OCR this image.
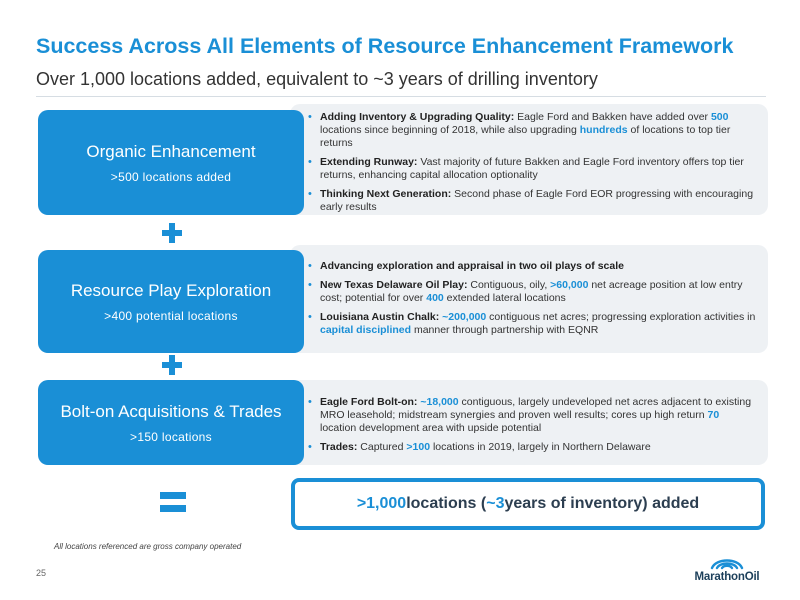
Success Across All Elements of Resource Enhancement Framework
Over 1,000 locations added, equivalent to ~3 years of drilling inventory
• Adding Inventory & Upgrading Quality: Eagle Ford and Bakken have added over 500 locations since beginning of 2018, while also upgrading hundreds of locations to top tier returns
• Extending Runway: Vast majority of future Bakken and Eagle Ford inventory offers top tier returns, enhancing capital allocation optionality
• Thinking Next Generation: Second phase of Eagle Ford EOR progressing with encouraging early results
Organic Enhancement
>500 locations added
• Advancing exploration and appraisal in two oil plays of scale
• New Texas Delaware Oil Play: Contiguous, oily, >60,000 net acreage position at low entry cost; potential for over 400 extended lateral locations
• Louisiana Austin Chalk: ~200,000 contiguous net acres; progressing exploration activities in capital disciplined manner through partnership with EQNR
Resource Play Exploration
>400 potential locations
• Eagle Ford Bolt-on: ~18,000 contiguous, largely undeveloped net acres adjacent to existing MRO leasehold; midstream synergies and proven well results; cores up high return 70 location development area with upside potential
• Trades: Captured >100 locations in 2019, largely in Northern Delaware
Bolt-on Acquisitions & Trades
>150 locations
>1,000 locations ( ~3 years of inventory) added
All locations referenced are gross company operated
25	MarathonOil
